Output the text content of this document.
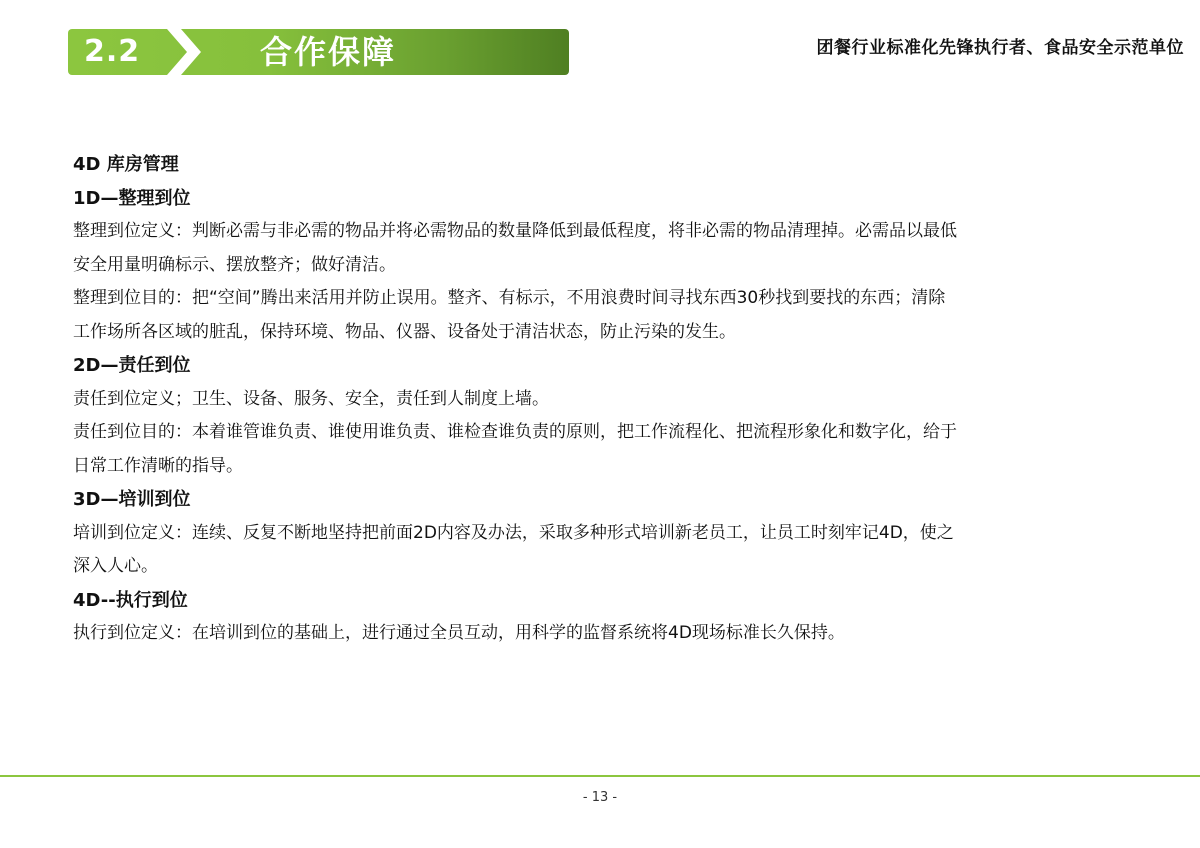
2.2	合作保障	团餐行业标准化先锋执行者、食品安全示范单位
4D 库房管理
1D—整理到位
整理到位定义：判断必需与非必需的物品并将必需物品的数量降低到最低程度，将非必需的物品清理掉。必需品以最低
安全用量明确标示、摆放整齐；做好清洁。
整理到位目的：把“空间”腾出来活用并防止误用。整齐、有标示，不用浪费时间寻找东西30秒找到要找的东西；清除
工作场所各区域的脏乱，保持环境、物品、仪器、设备处于清洁状态，防止污染的发生。
2D—责任到位
责任到位定义；卫生、设备、服务、安全，责任到人制度上墙。
责任到位目的：本着谁管谁负责、谁使用谁负责、谁检查谁负责的原则，把工作流程化、把流程形象化和数字化，给于
日常工作清晰的指导。
3D—培训到位
培训到位定义：连续、反复不断地坚持把前面2D内容及办法，采取多种形式培训新老员工，让员工时刻牢记4D，使之
深入人心。
4D--执行到位
执行到位定义：在培训到位的基础上，进行通过全员互动，用科学的监督系统将4D现场标准长久保持。
- 13 -
